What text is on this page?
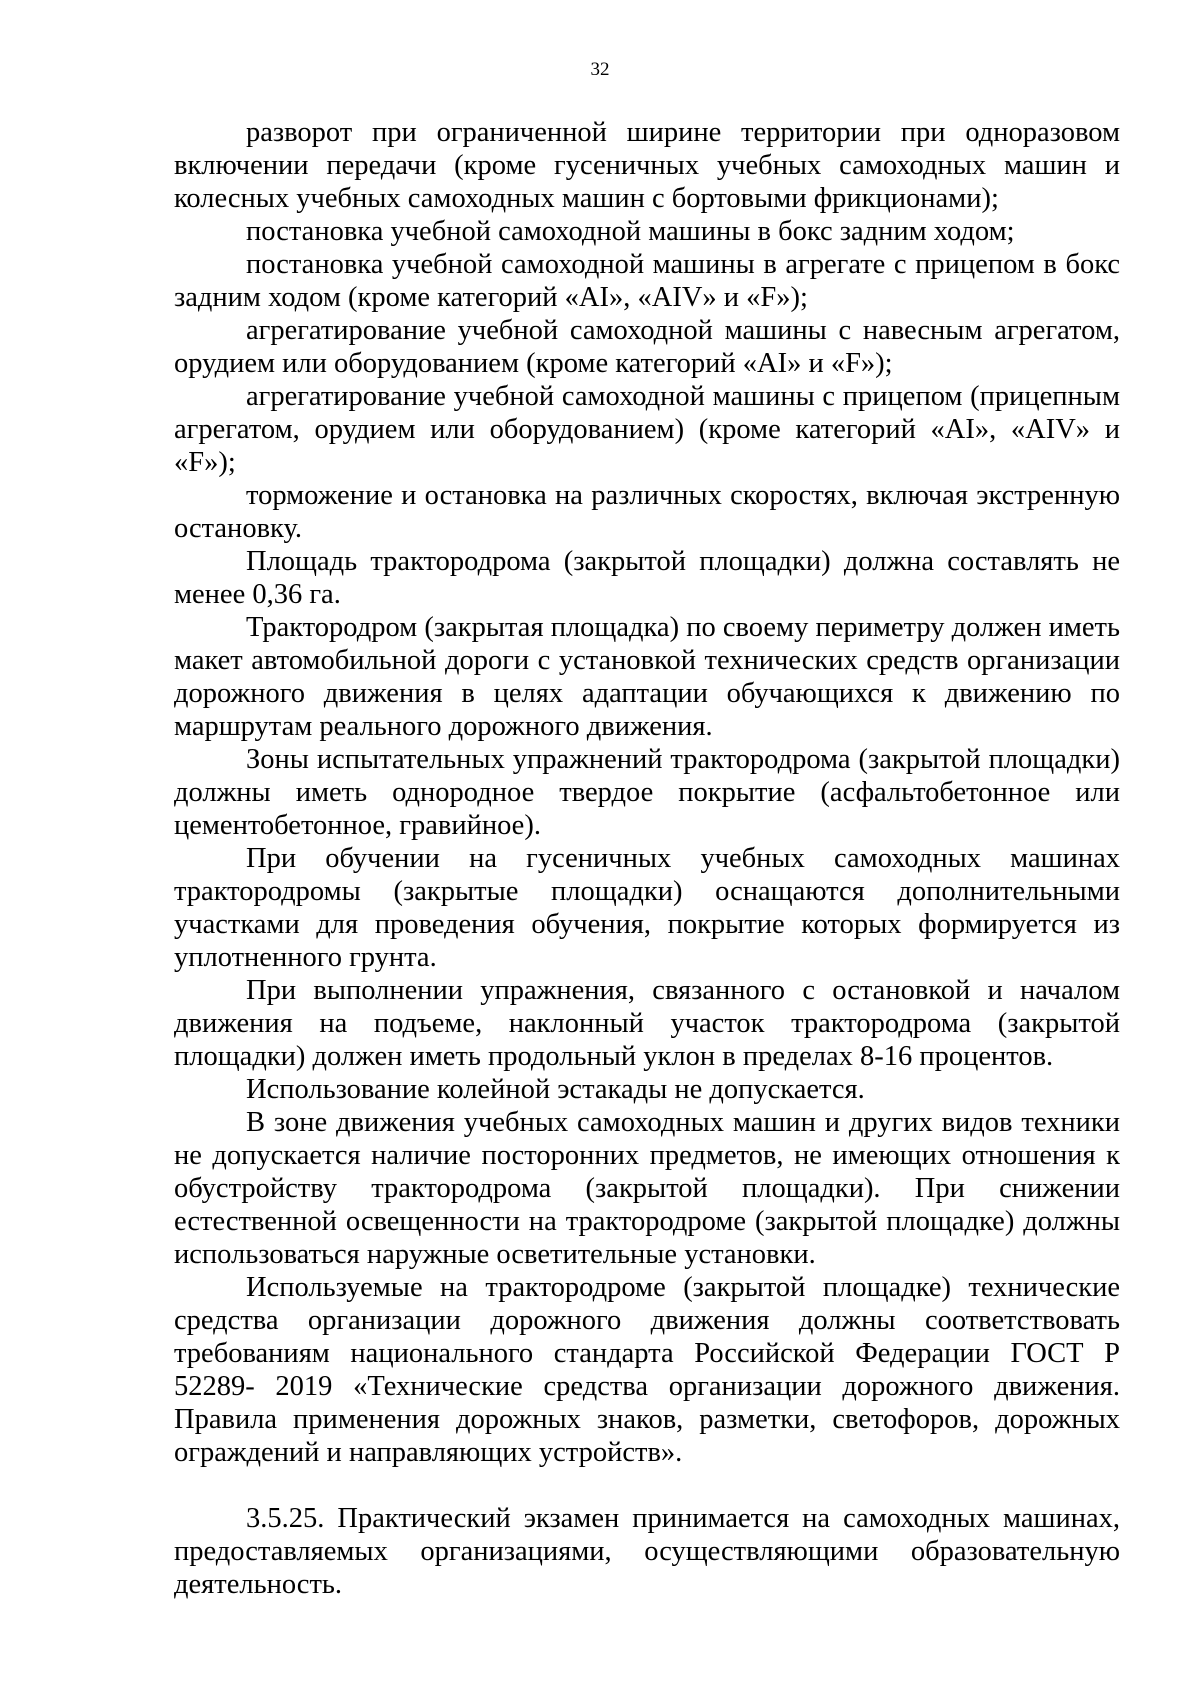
32

разворот при ограниченной ширине территории при одноразовом включении передачи (кроме гусеничных учебных самоходных машин и колесных учебных самоходных машин с бортовыми фрикционами);

постановка учебной самоходной машины в бокс задним ходом;

постановка учебной самоходной машины в агрегате с прицепом в бокс задним ходом (кроме категорий «AI», «AIV» и «F»);

агрегатирование учебной самоходной машины с навесным агрегатом, орудием или оборудованием (кроме категорий «AI» и «F»);

агрегатирование учебной самоходной машины с прицепом (прицепным агрегатом, орудием или оборудованием) (кроме категорий «AI», «AIV» и «F»);

торможение и остановка на различных скоростях, включая экстренную остановку.

Площадь трактородрома (закрытой площадки) должна составлять не менее 0,36 га.

Трактородром (закрытая площадка) по своему периметру должен иметь макет автомобильной дороги с установкой технических средств организации дорожного движения в целях адаптации обучающихся к движению по маршрутам реального дорожного движения.

Зоны испытательных упражнений трактородрома (закрытой площадки) должны иметь однородное твердое покрытие (асфальтобетонное или цементобетонное, гравийное).

При обучении на гусеничных учебных самоходных машинах трактородромы (закрытые площадки) оснащаются дополнительными участками для проведения обучения, покрытие которых формируется из уплотненного грунта.

При выполнении упражнения, связанного с остановкой и началом движения на подъеме, наклонный участок трактородрома (закрытой площадки) должен иметь продольный уклон в пределах 8-16 процентов.

Использование колейной эстакады не допускается.

В зоне движения учебных самоходных машин и других видов техники не допускается наличие посторонних предметов, не имеющих отношения к обустройству трактородрома (закрытой площадки). При снижении естественной освещенности на трактородроме (закрытой площадке) должны использоваться наружные осветительные установки.

Используемые на трактородроме (закрытой площадке) технические средства организации дорожного движения должны соответствовать требованиям национального стандарта Российской Федерации ГОСТ Р 52289- 2019 «Технические средства организации дорожного движения. Правила применения дорожных знаков, разметки, светофоров, дорожных ограждений и направляющих устройств».

3.5.25. Практический экзамен принимается на самоходных машинах, предоставляемых организациями, осуществляющими образовательную деятельность.
